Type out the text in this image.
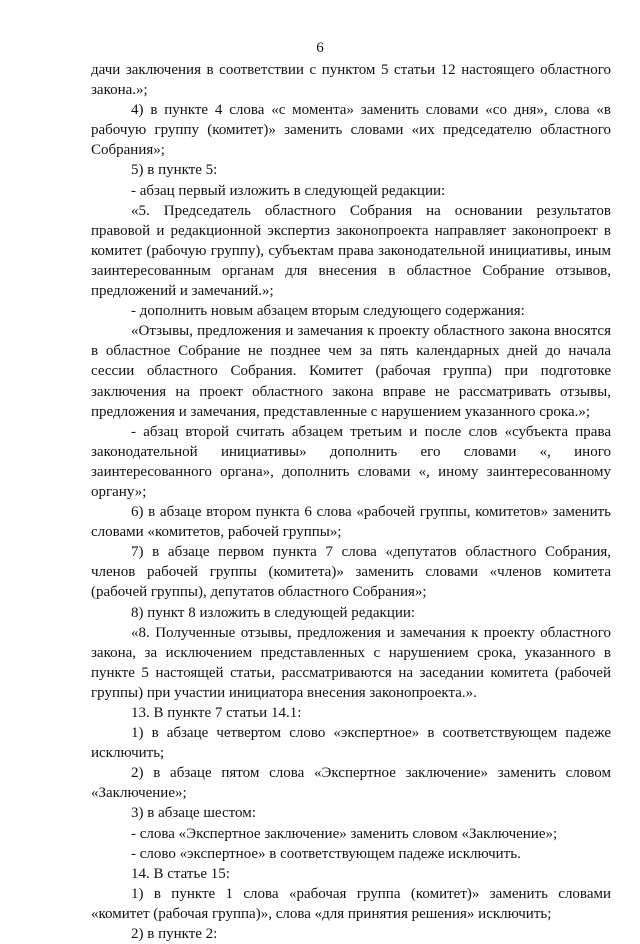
6

дачи заключения в соответствии с пунктом 5 статьи 12 настоящего областного закона.»;

4) в пункте 4 слова «с момента» заменить словами «со дня», слова «в рабочую группу (комитет)» заменить словами «их председателю областного Собрания»;

5) в пункте 5:

- абзац первый изложить в следующей редакции:

«5. Председатель областного Собрания на основании результатов правовой и редакционной экспертиз законопроекта направляет законопроект в комитет (рабочую группу), субъектам права законодательной инициативы, иным заинтересованным органам для внесения в областное Собрание отзывов, предложений и замечаний.»;

- дополнить новым абзацем вторым следующего содержания:

«Отзывы, предложения и замечания к проекту областного закона вносятся в областное Собрание не позднее чем за пять календарных дней до начала сессии областного Собрания. Комитет (рабочая группа) при подготовке заключения на проект областного закона вправе не рассматривать отзывы, предложения и замечания, представленные с нарушением указанного срока.»;

- абзац второй считать абзацем третьим и после слов «субъекта права законодательной инициативы» дополнить его словами «, иного заинтересованного органа», дополнить словами «, иному заинтересованному органу»;

6) в абзаце втором пункта 6 слова «рабочей группы, комитетов» заменить словами «комитетов, рабочей группы»;

7) в абзаце первом пункта 7 слова «депутатов областного Собрания, членов рабочей группы (комитета)» заменить словами «членов комитета (рабочей группы), депутатов областного Собрания»;

8) пункт 8 изложить в следующей редакции:

«8. Полученные отзывы, предложения и замечания к проекту областного закона, за исключением представленных с нарушением срока, указанного в пункте 5 настоящей статьи, рассматриваются на заседании комитета (рабочей группы) при участии инициатора внесения законопроекта.».

13. В пункте 7 статьи 14.1:

1) в абзаце четвертом слово «экспертное» в соответствующем падеже исключить;

2) в абзаце пятом слова «Экспертное заключение» заменить словом «Заключение»;

3) в абзаце шестом:

- слова «Экспертное заключение» заменить словом «Заключение»;

- слово «экспертное» в соответствующем падеже исключить.

14. В статье 15:

1) в пункте 1 слова «рабочая группа (комитет)» заменить словами «комитет (рабочая группа)», слова «для принятия решения» исключить;

2) в пункте 2:
